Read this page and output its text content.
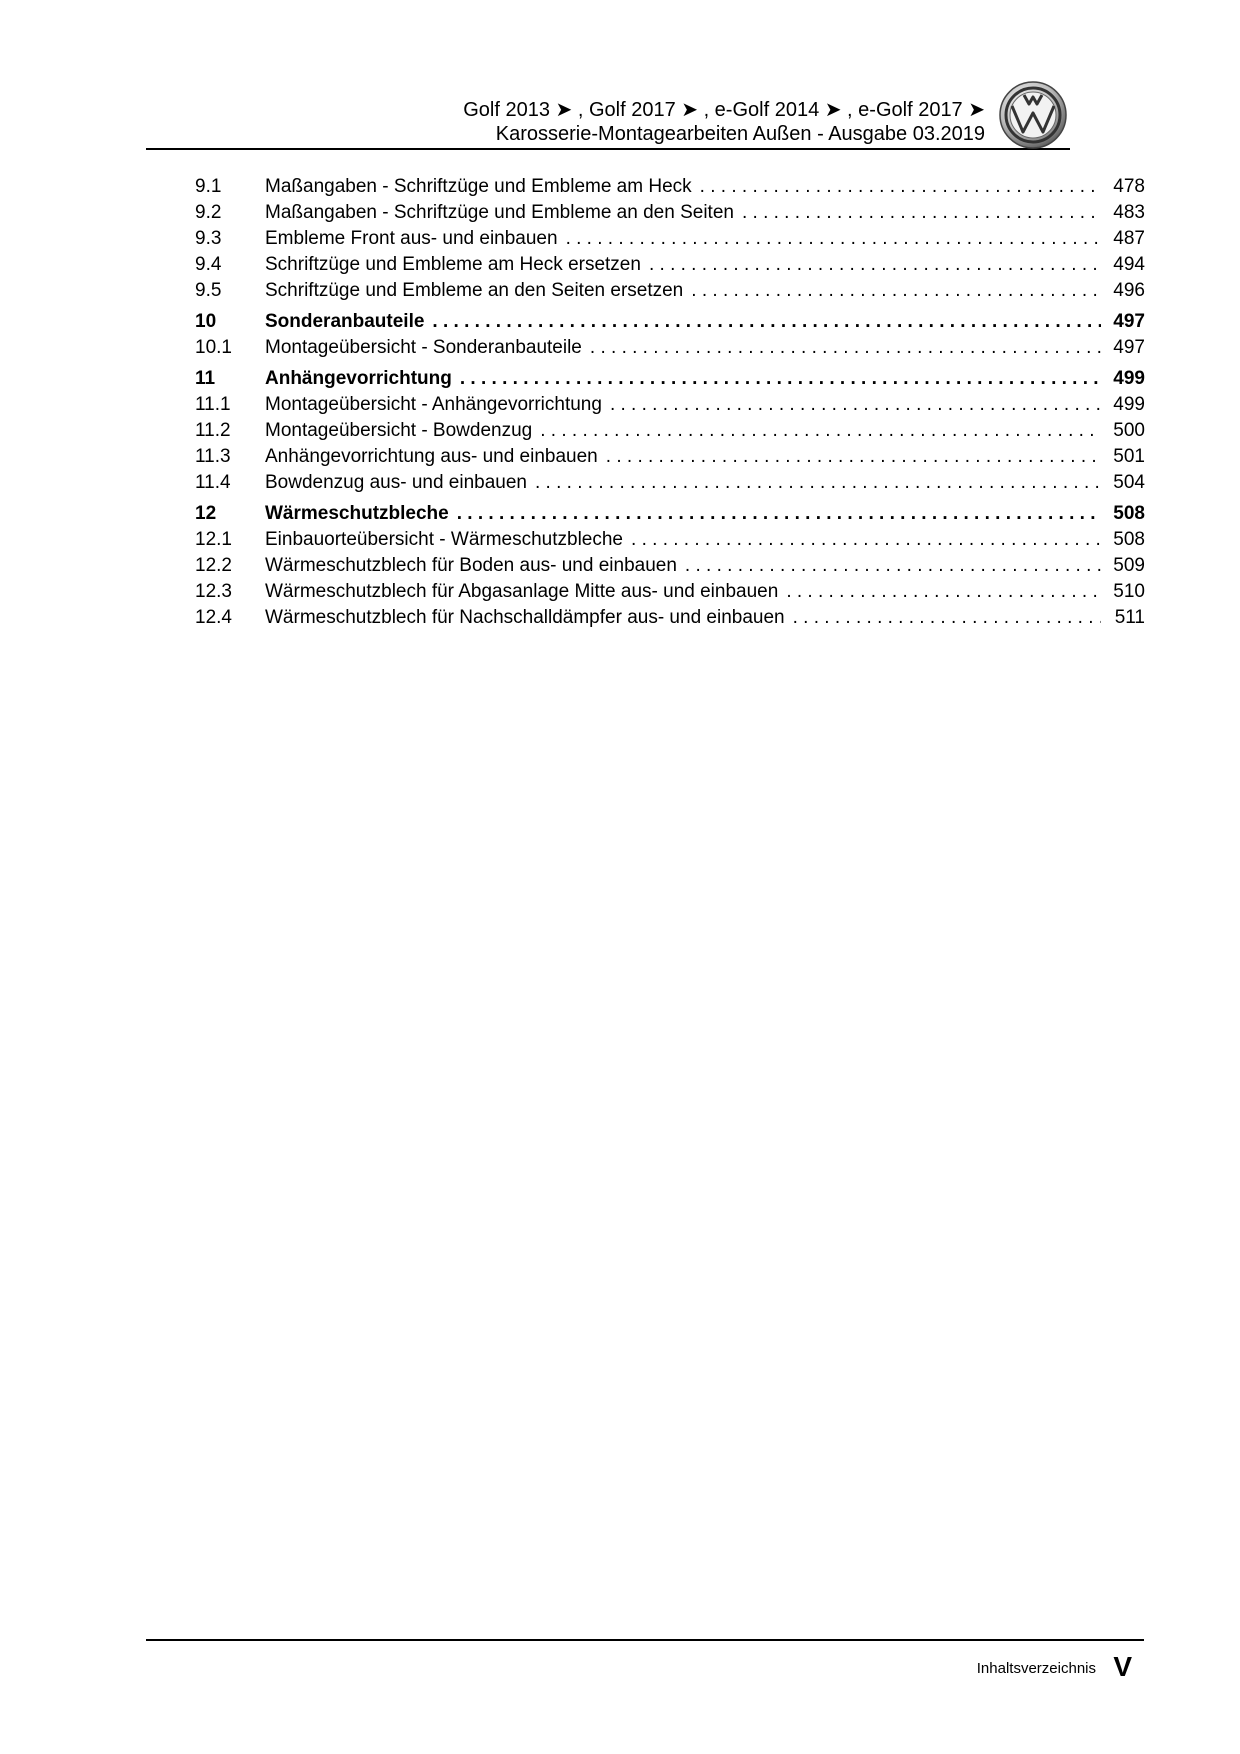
Golf 2013 ➤ , Golf 2017 ➤ , e-Golf 2014 ➤ , e-Golf 2017 ➤
Karosserie-Montagearbeiten Außen - Ausgabe 03.2019
9.1	Maßangaben - Schriftzüge und Embleme am Heck . . .	478
9.2	Maßangaben - Schriftzüge und Embleme an den Seiten . . .	483
9.3	Embleme Front aus- und einbauen . . .	487
9.4	Schriftzüge und Embleme am Heck ersetzen . . .	494
9.5	Schriftzüge und Embleme an den Seiten ersetzen . . .	496
10	Sonderanbauteile . . .	497
10.1	Montageübersicht - Sonderanbauteile . . .	497
11	Anhängevorrichtung . . .	499
11.1	Montageübersicht - Anhängevorrichtung . . .	499
11.2	Montageübersicht - Bowdenzug . . .	500
11.3	Anhängevorrichtung aus- und einbauen . . .	501
11.4	Bowdenzug aus- und einbauen . . .	504
12	Wärmeschutzbleche . . .	508
12.1	Einbauorteübersicht - Wärmeschutzbleche . . .	508
12.2	Wärmeschutzblech für Boden aus- und einbauen . . .	509
12.3	Wärmeschutzblech für Abgasanlage Mitte aus- und einbauen . . .	510
12.4	Wärmeschutzblech für Nachschalldämpfer aus- und einbauen . . .	511
Inhaltsverzeichnis V
